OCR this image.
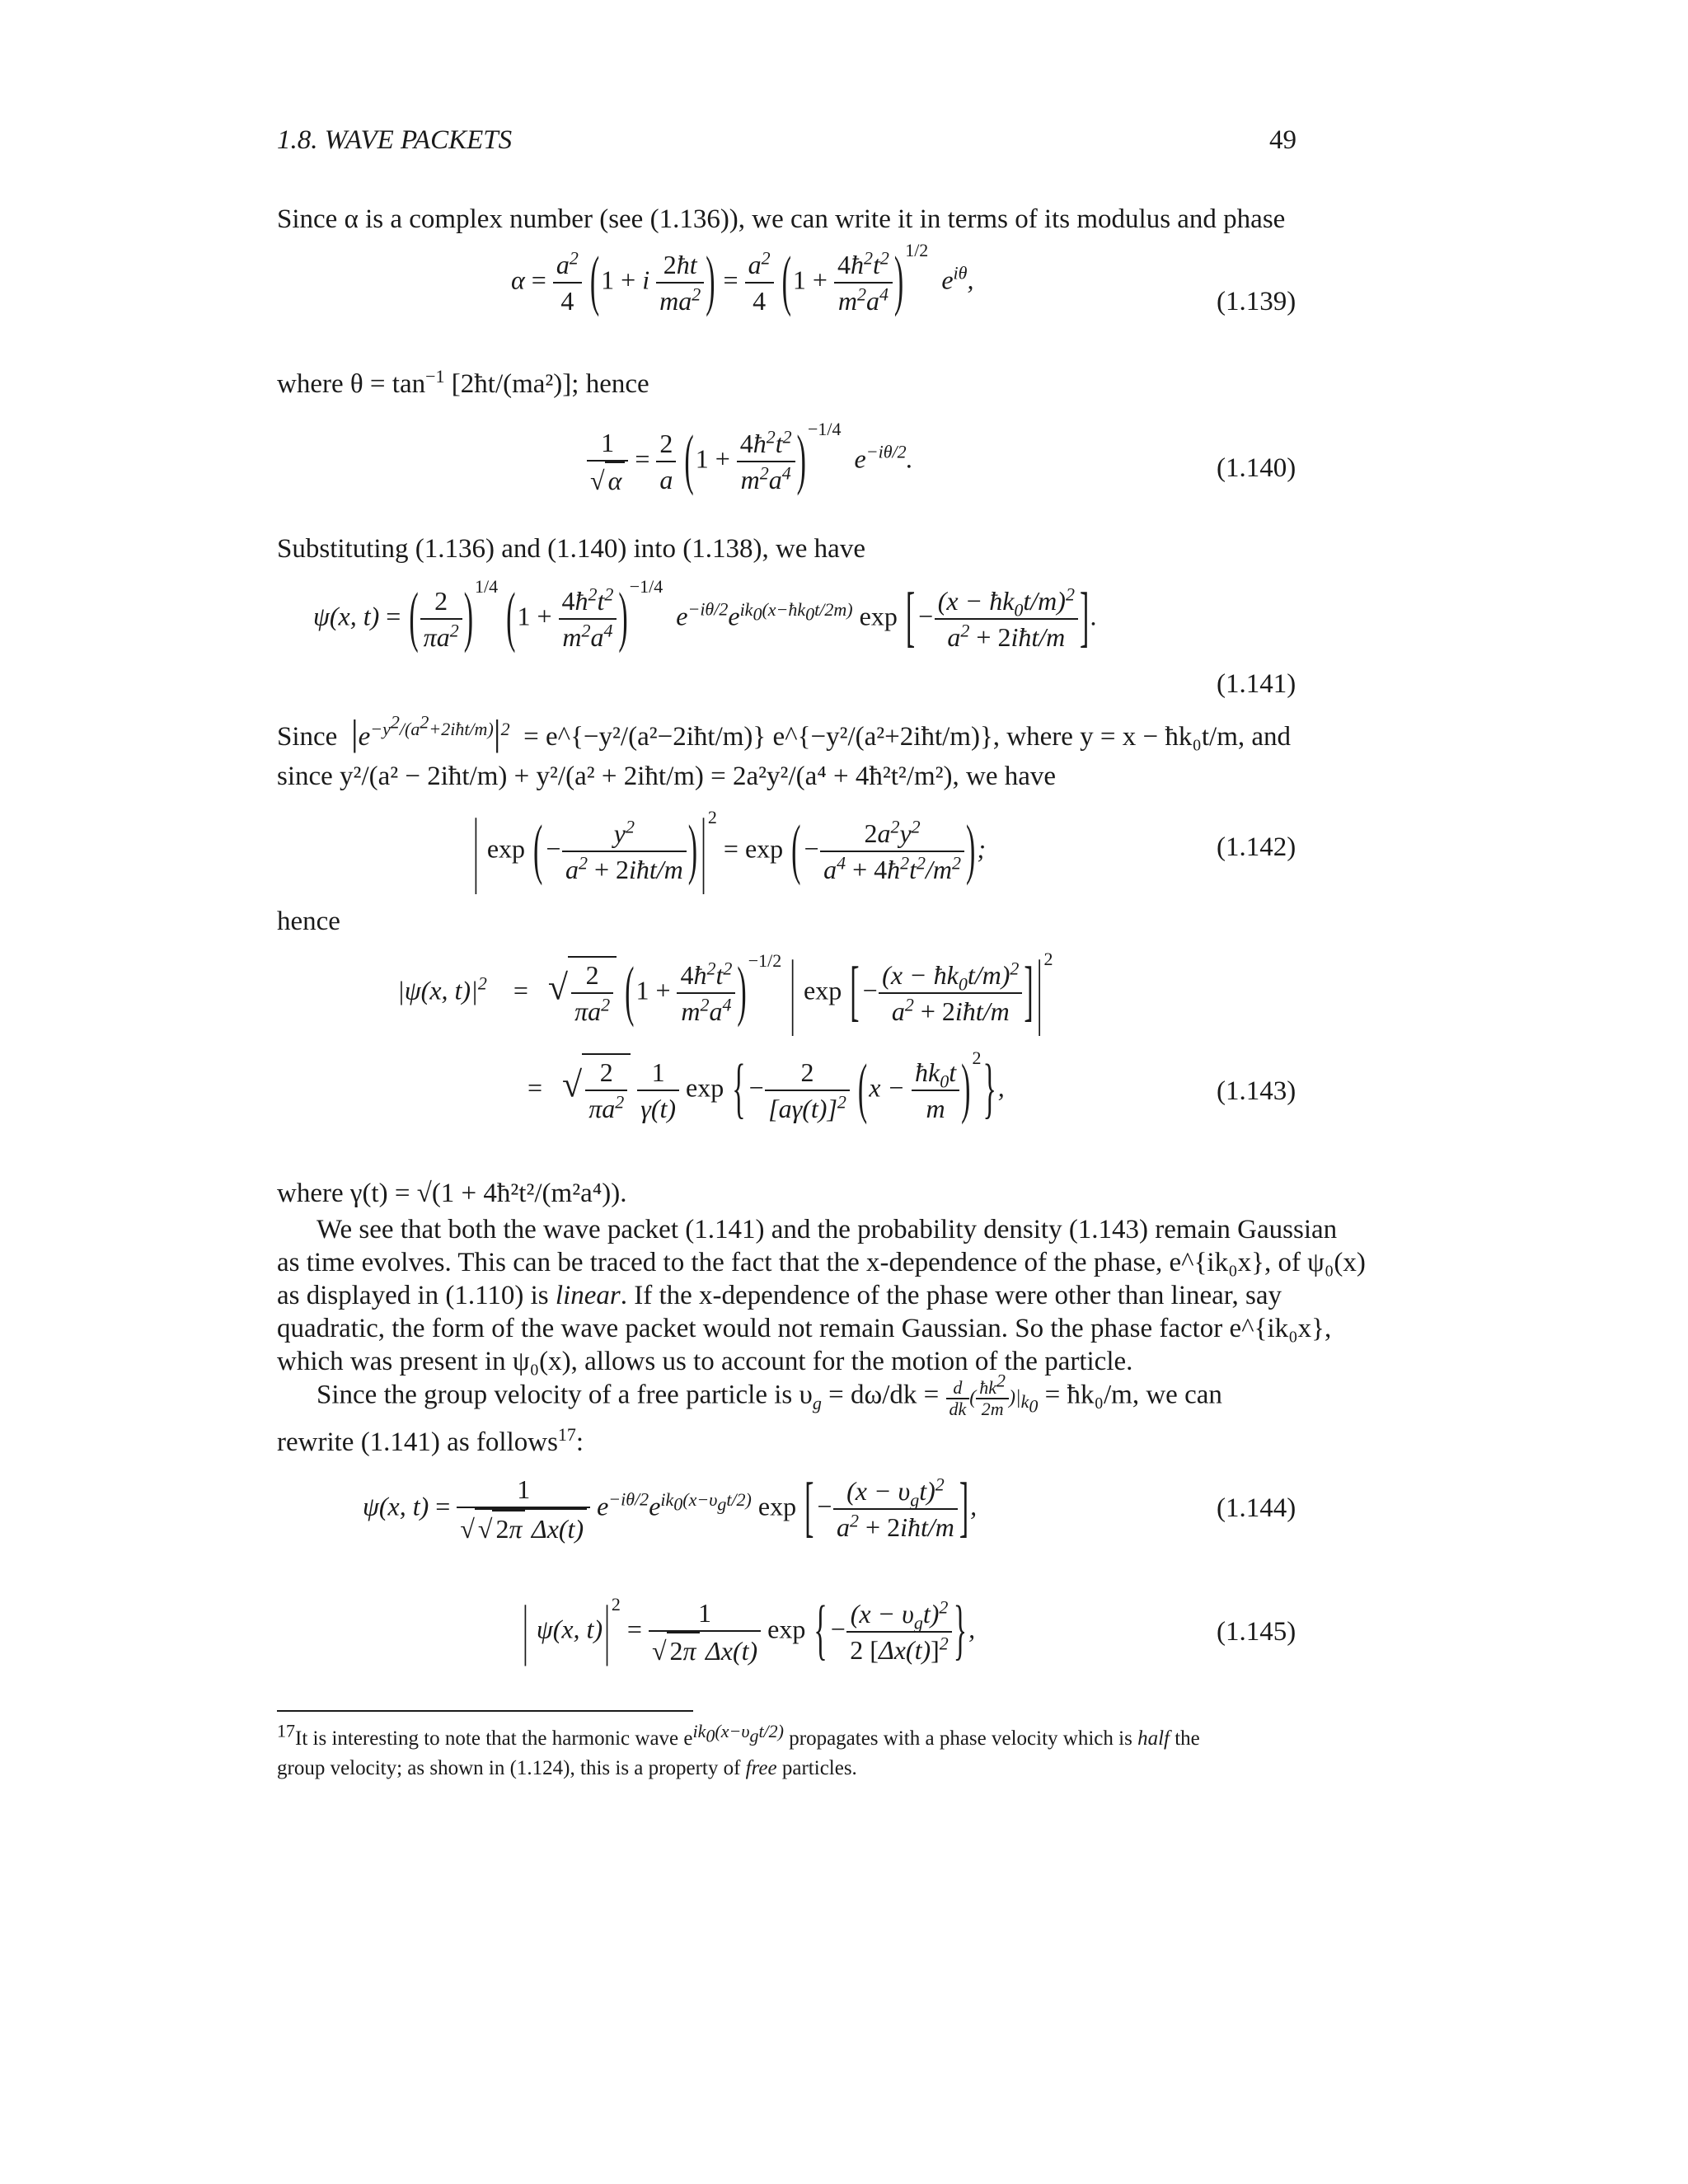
1.8. WAVE PACKETS	49
Since α is a complex number (see (1.136)), we can write it in terms of its modulus and phase
$\alpha = \frac{a^2}{4} (1 + i \frac{2ħt}{ma^2}$ ) = $\frac{a^2}{4} (1 + \frac{4ħ^2t^2}{m^2a^4} )^{1/2}$  $e^{i\theta}$,
(1.139)
where $\theta = \tan^{-1}$ [2ħt/(ma²)]; hence
$\frac{1}{√ \alpha} = \frac{2}{a} (1 + \frac{4ħ^2t^2}{m^2a^4} )^{-1/4}$  $e^{-i\theta/2}$.	(1.140)
Substituting (1.136) and (1.140) into (1.138), we have
ψ(x, t) = ( $\frac{2}{\pi a^2} )^{1/4}$ $(1 + \frac{4ħ^2t^2}{m^2a^4} )^{-1/4}$  $e^{-i\theta/2}e^{ik_0(x-ħk_0t/2m)}$ exp [− $\frac{(x - ħk_0t/m)^2}{a^2 + 2iħt/m}$ ].
(1.141)
Since $|e^{-y^2/(a^2+2iħt/m)}|^2$ = e^{−y²/(a²−2iħt/m)} e^{−y²/(a²+2iħt/m)}, where y = x − ħk₀t/m, and
since y²/(a² − 2iħt/m) + y²/(a² + 2iħt/m) = 2a²y²/(a⁴ + 4ħ²t²/m²), we have
| exp (− $\frac{y^2}{a^2 + 2iħt/m}$ ) $|^2 = \exp$ (− $\frac{2a^2y^2}{a^4 + 4ħ^2t^2/m^2}$ );	(1.142)
hence
|ψ(x, $t)|^2$ = √ $\frac{2}{\pi a^2} (1 + \frac{4ħ^2t^2}{m^2a^4} )^{-1/2}$ | exp [− $\frac{(x - ħk_0t/m)^2}{a^2 + 2iħt/m}$ ] $|^2$
= √ $\frac{2}{\pi a^2}$
$\frac{1}{\gamma(t)}$ exp {− $\frac{2}{[a\gamma(t)]^2} (x - \frac{ħk_0t}{m} )^2$},	(1.143)
where γ(t) = √(1 + 4ħ²t²/(m²a⁴)).
We see that both the wave packet (1.141) and the probability density (1.143) remain Gaussian
as time evolves. This can be traced to the fact that the x-dependence of the phase, e^{ik₀x}, of ψ₀(x)
as displayed in (1.110) is linear. If the x-dependence of the phase were other than linear, say
quadratic, the form of the wave packet would not remain Gaussian. So the phase factor e^{ik₀x},
which was present in ψ₀(x), allows us to account for the motion of the particle.
Since the group velocity of a free particle is $\upsilon_g = d\omega/dk = \frac{d}{dk}$ ( $\frac{ħk^2}{2m} )|_{k_0}$ = ħk₀/m, we can
rewrite (1.141) as follows$^{17}$:
ψ(x, $t) = \frac{1}{\text{√ √ 2π Δx(t)}} e^{-i\theta/2}e^{ik_0(x-\upsilon_gt/2)}$ exp [− $\frac{(x - \upsilon_gt)^2}{a^2 + 2iħt/m}$ ],	(1.144)
| ψ(x, $t)|^2 = \frac{1}{\text{√ 2π Δx(t)}}$ exp {− $\frac{(x - \upsilon_gt)^2}{2 [\Delta x(t)]^2}$ },	(1.145)
$^{17}$It is interesting to note that the harmonic wave $e^{ik_0(x-\upsilon_gt/2)}$ propagates with a phase velocity which is half the
group velocity; as shown in (1.124), this is a property of free particles.
